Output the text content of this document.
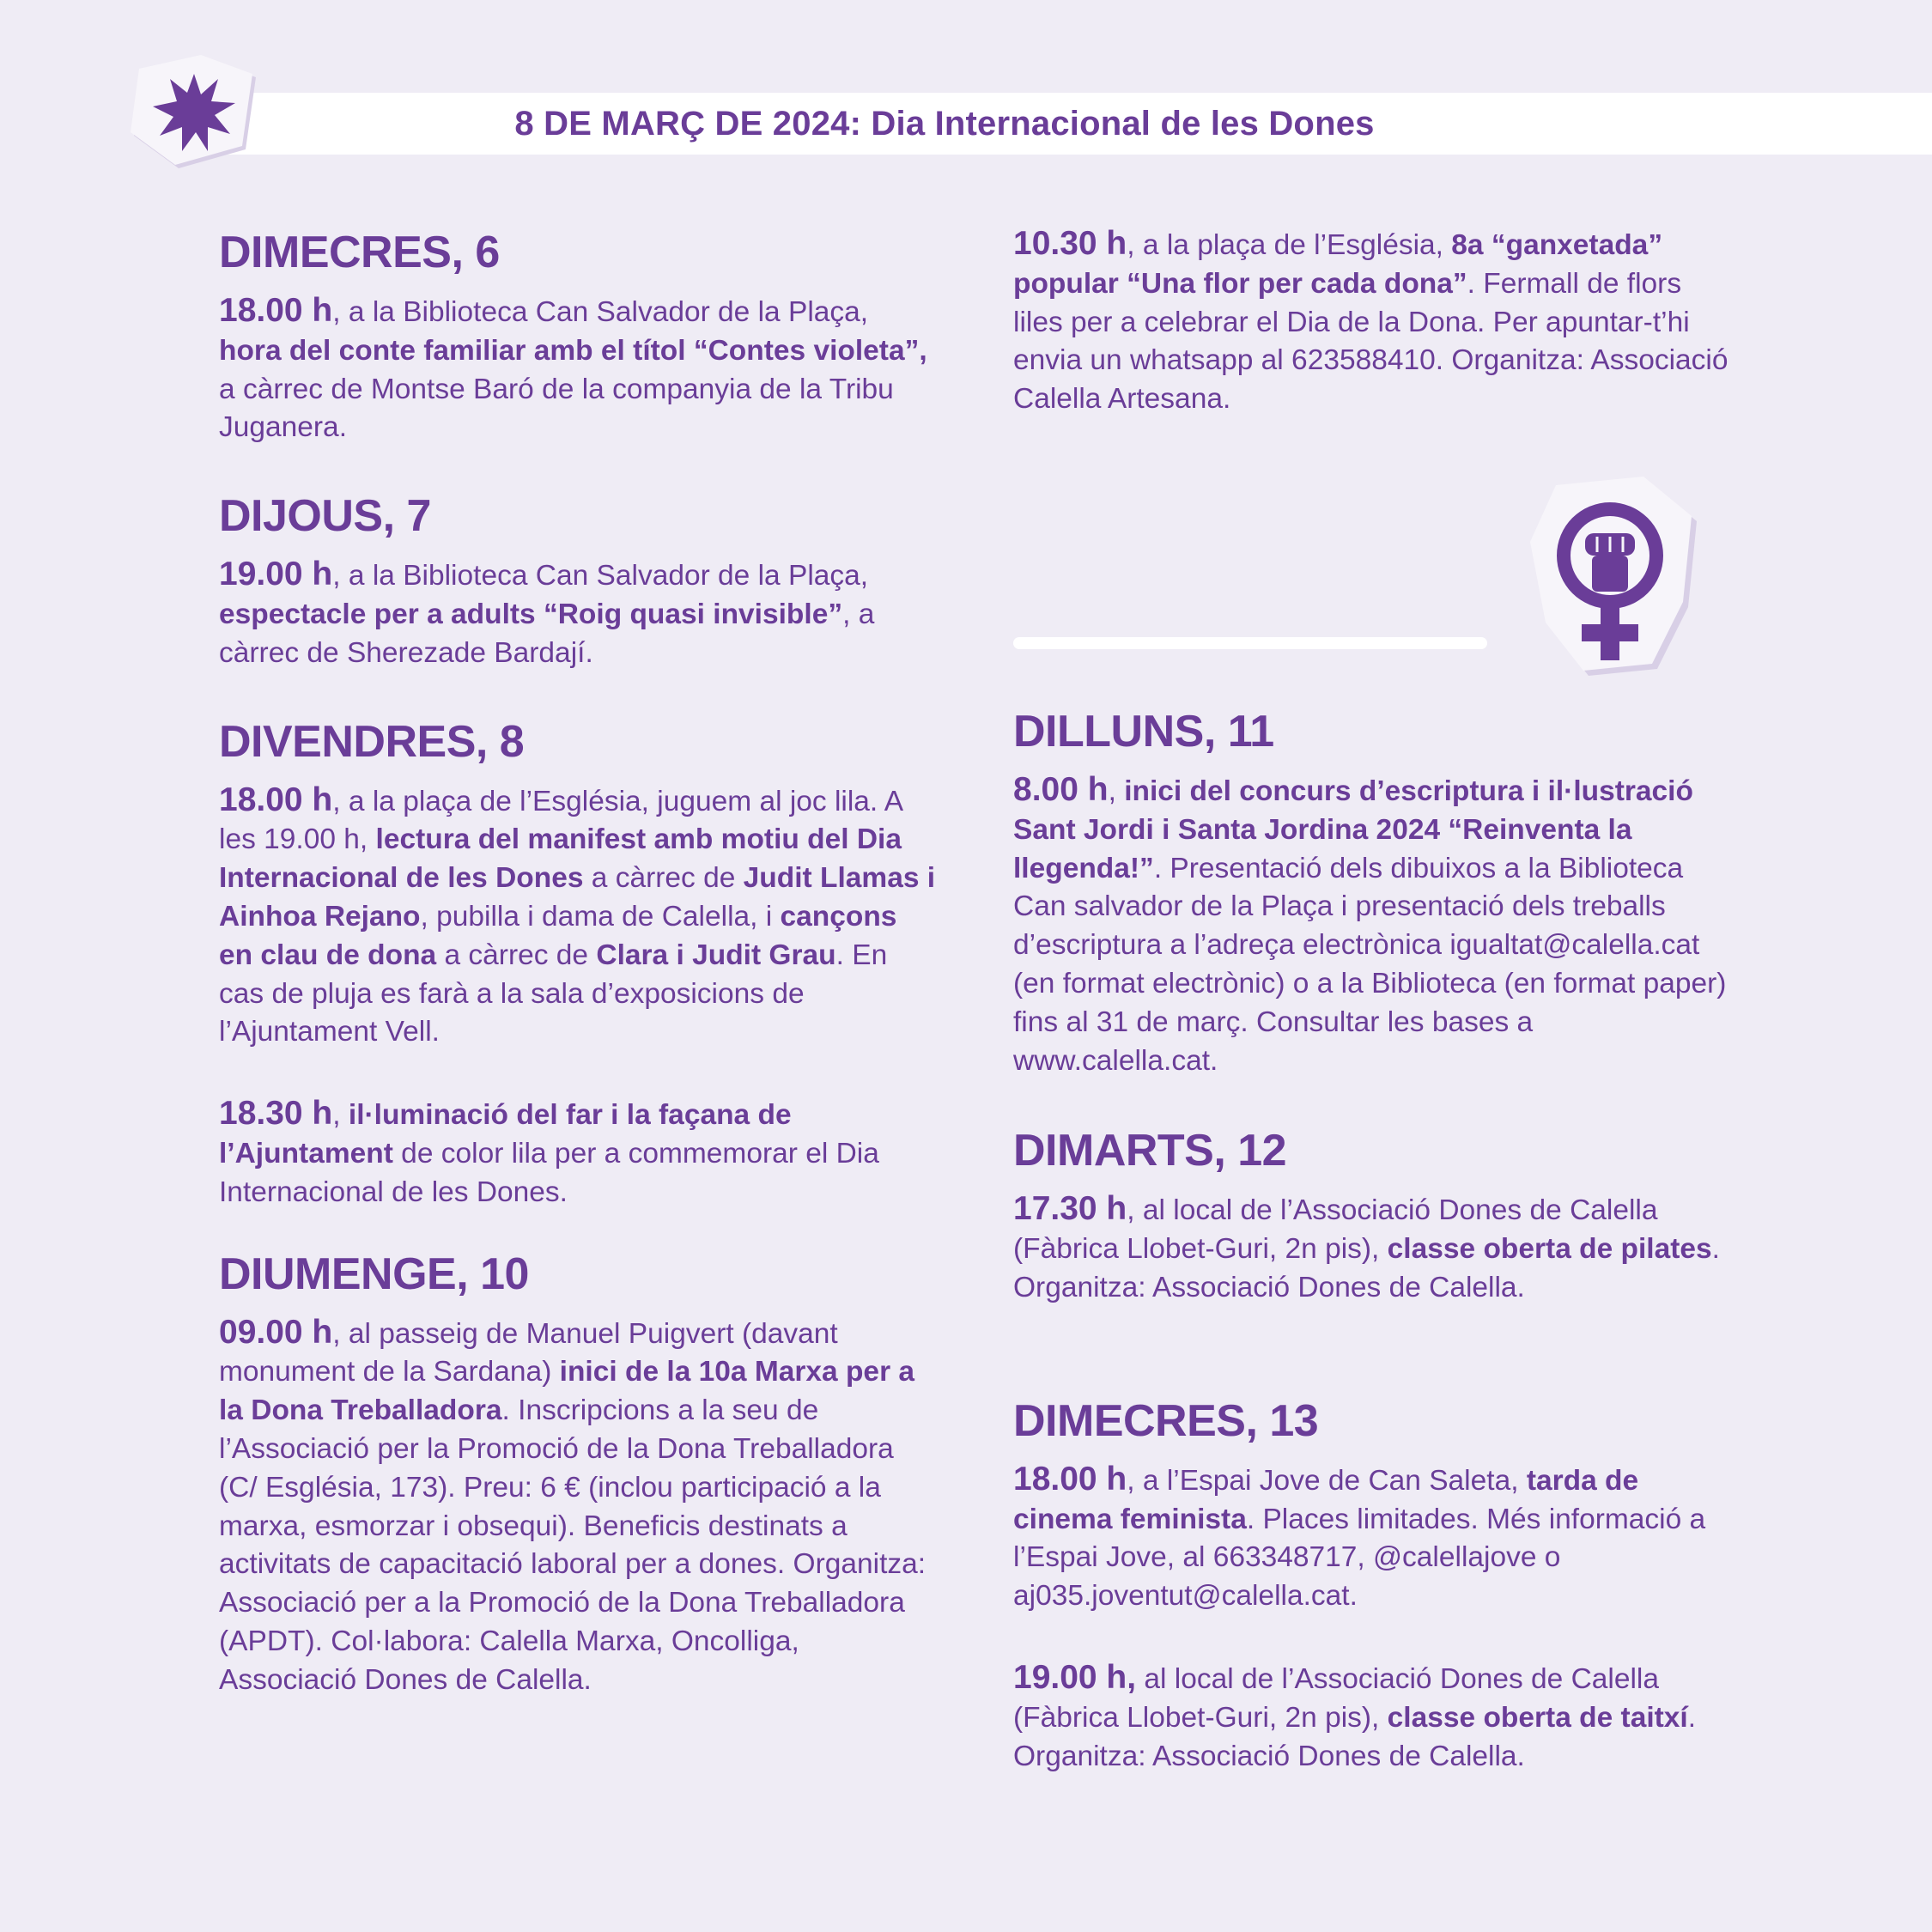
8 DE MARÇ DE 2024: Dia Internacional de les Dones
DIMECRES, 6

18.00 h, a la Biblioteca Can Salvador de la Plaça, hora del conte familiar amb el títol “Contes violeta”, a càrrec de Montse Baró de la companyia de la Tribu Juganera.

DIJOUS, 7

19.00 h, a la Biblioteca Can Salvador de la Plaça, espectacle per a adults “Roig quasi invisible”, a càrrec de Sherezade Bardají.

DIVENDRES, 8

18.00 h, a la plaça de l’Església, juguem al joc lila. A les 19.00 h, lectura del manifest amb motiu del Dia Internacional de les Dones a càrrec de Judit Llamas i Ainhoa Rejano, pubilla i dama de Calella, i cançons en clau de dona a càrrec de Clara i Judit Grau. En cas de pluja es farà a la sala d’exposicions de l’Ajuntament Vell.

18.30 h, il·luminació del far i la façana de l’Ajuntament de color lila per a commemorar el Dia Internacional de les Dones.

DIUMENGE, 10

09.00 h, al passeig de Manuel Puigvert (davant monument de la Sardana) inici de la 10a Marxa per a la Dona Treballadora. Inscripcions a la seu de l’Associació per la Promoció de la Dona Treballadora (C/ Església, 173). Preu: 6 € (inclou participació a la marxa, esmorzar i obsequi). Beneficis destinats a activitats de capacitació laboral per a dones. Organitza: Associació per a la Promoció de la Dona Treballadora (APDT). Col·labora: Calella Marxa, Oncolliga, Associació Dones de Calella.

10.30 h, a la plaça de l’Església, 8a “ganxetada” popular “Una flor per cada dona”. Fermall de flors liles per a celebrar el Dia de la Dona. Per apuntar-t’hi envia un whatsapp al 623588410. Organitza: Associació Calella Artesana.

DILLUNS, 11

8.00 h, inici del concurs d’escriptura i il·lustració Sant Jordi i Santa Jordina 2024 “Reinventa la llegenda!”. Presentació dels dibuixos a la Biblioteca Can salvador de la Plaça i presentació dels treballs d’escriptura a l’adreça electrònica igualtat@calella.cat (en format electrònic) o a la Biblioteca (en format paper) fins al 31 de març. Consultar les bases a www.calella.cat.

DIMARTS, 12

17.30 h, al local de l’Associació Dones de Calella (Fàbrica Llobet-Guri, 2n pis), classe oberta de pilates. Organitza: Associació Dones de Calella.

DIMECRES, 13

18.00 h, a l’Espai Jove de Can Saleta, tarda de cinema feminista. Places limitades. Més informació a l’Espai Jove, al 663348717, @calellajove o aj035.joventut@calella.cat.

19.00 h, al local de l’Associació Dones de Calella (Fàbrica Llobet-Guri, 2n pis), classe oberta de taitxí. Organitza: Associació Dones de Calella.
